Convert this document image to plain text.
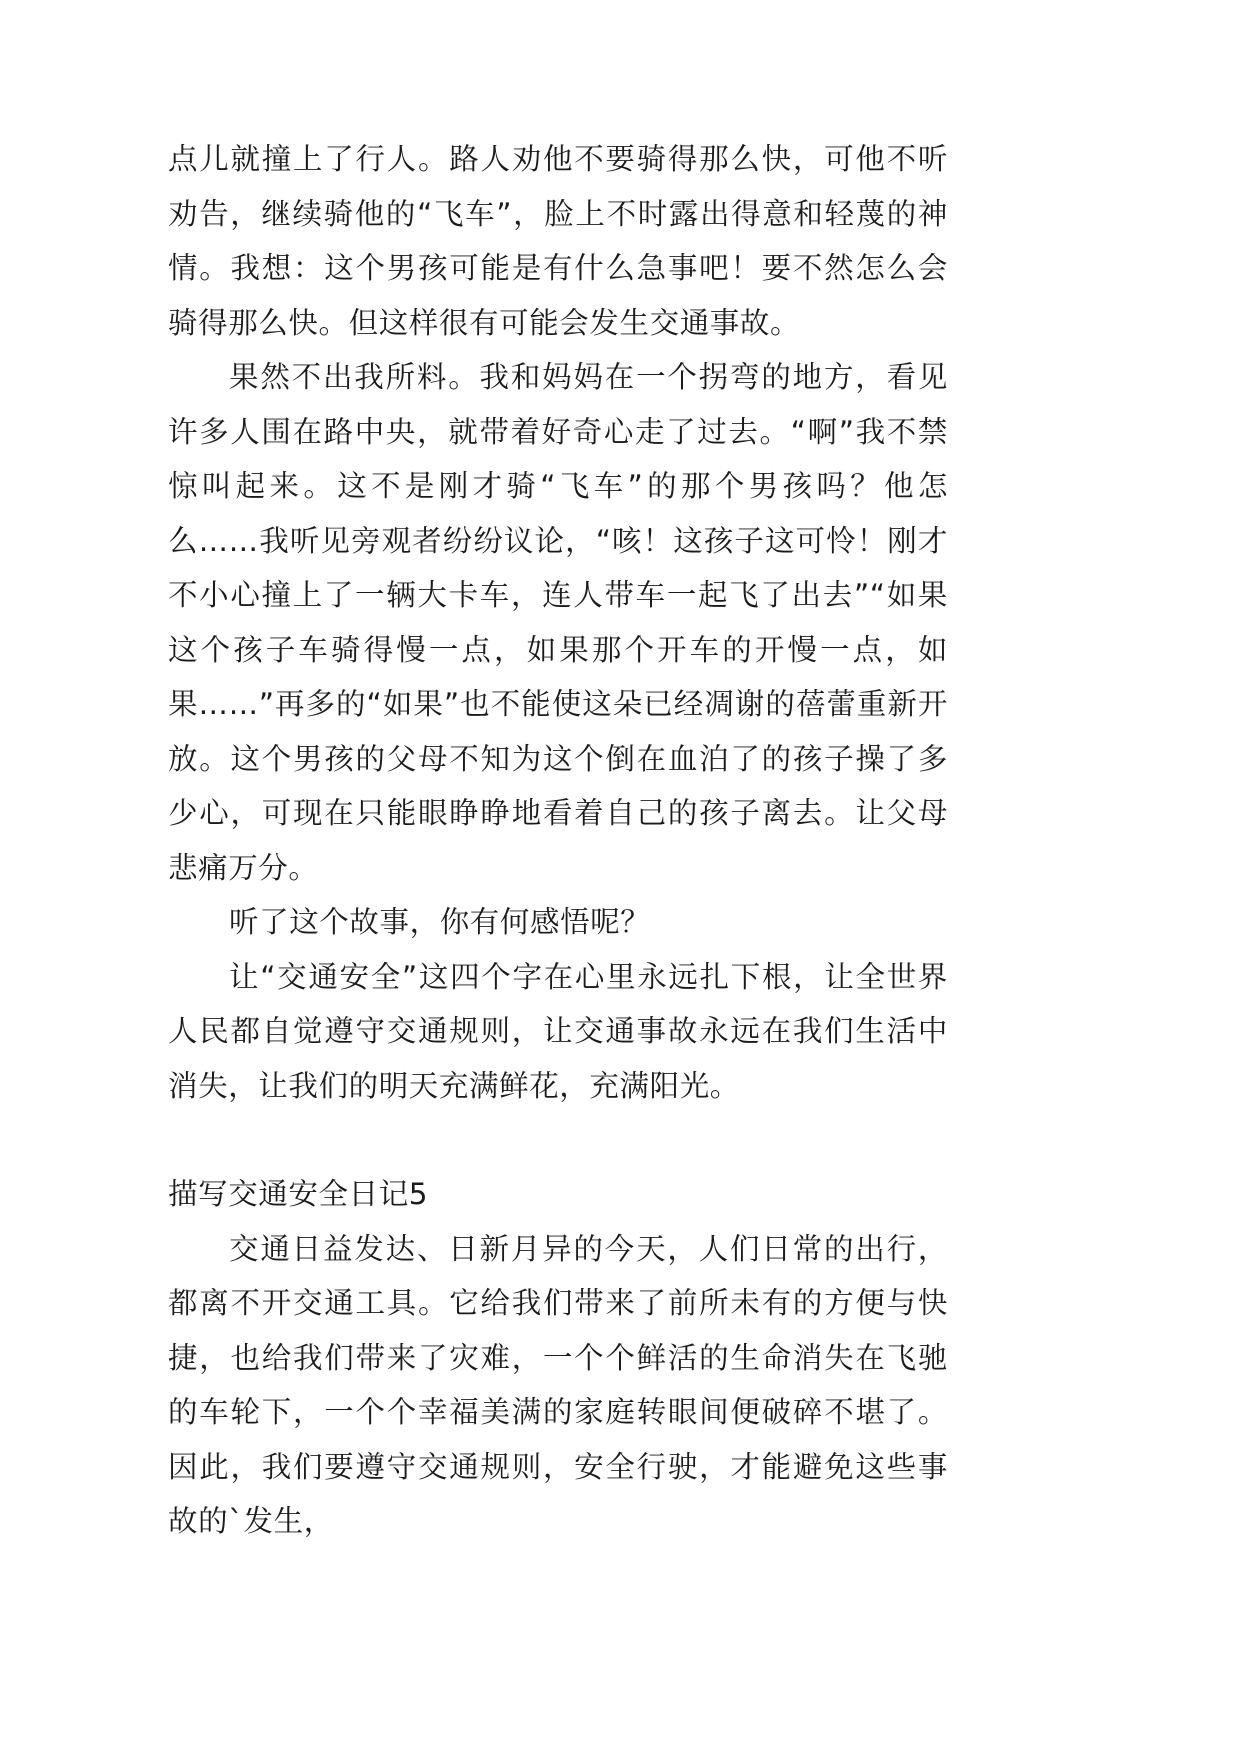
点儿就撞上了行人。路人劝他不要骑得那么快，可他不听劝告，继续骑他的“飞车”，脸上不时露出得意和轻蔑的神情。我想：这个男孩可能是有什么急事吧！要不然怎么会骑得那么快。但这样很有可能会发生交通事故。

果然不出我所料。我和妈妈在一个拐弯的地方，看见许多人围在路中央，就带着好奇心走了过去。“啊”我不禁惊叫起来。这不是刚才骑“飞车”的那个男孩吗？他怎么……我听见旁观者纷纷议论，“咳！这孩子这可怜！刚才不小心撞上了一辆大卡车，连人带车一起飞了出去”“如果这个孩子车骑得慢一点，如果那个开车的开慢一点，如果……”再多的“如果”也不能使这朵已经凋谢的蓓蕾重新开放。这个男孩的父母不知为这个倒在血泊了的孩子操了多少心，可现在只能眼睁睁地看着自己的孩子离去。让父母悲痛万分。

听了这个故事，你有何感悟呢？

让“交通安全”这四个字在心里永远扎下根，让全世界人民都自觉遵守交通规则，让交通事故永远在我们生活中消失，让我们的明天充满鲜花，充满阳光。

描写交通安全日记5

交通日益发达、日新月异的今天，人们日常的出行，都离不开交通工具。它给我们带来了前所未有的方便与快捷，也给我们带来了灾难，一个个鲜活的生命消失在飞驰的车轮下，一个个幸福美满的家庭转眼间便破碎不堪了。因此，我们要遵守交通规则，安全行驶，才能避免这些事故的`发生，
